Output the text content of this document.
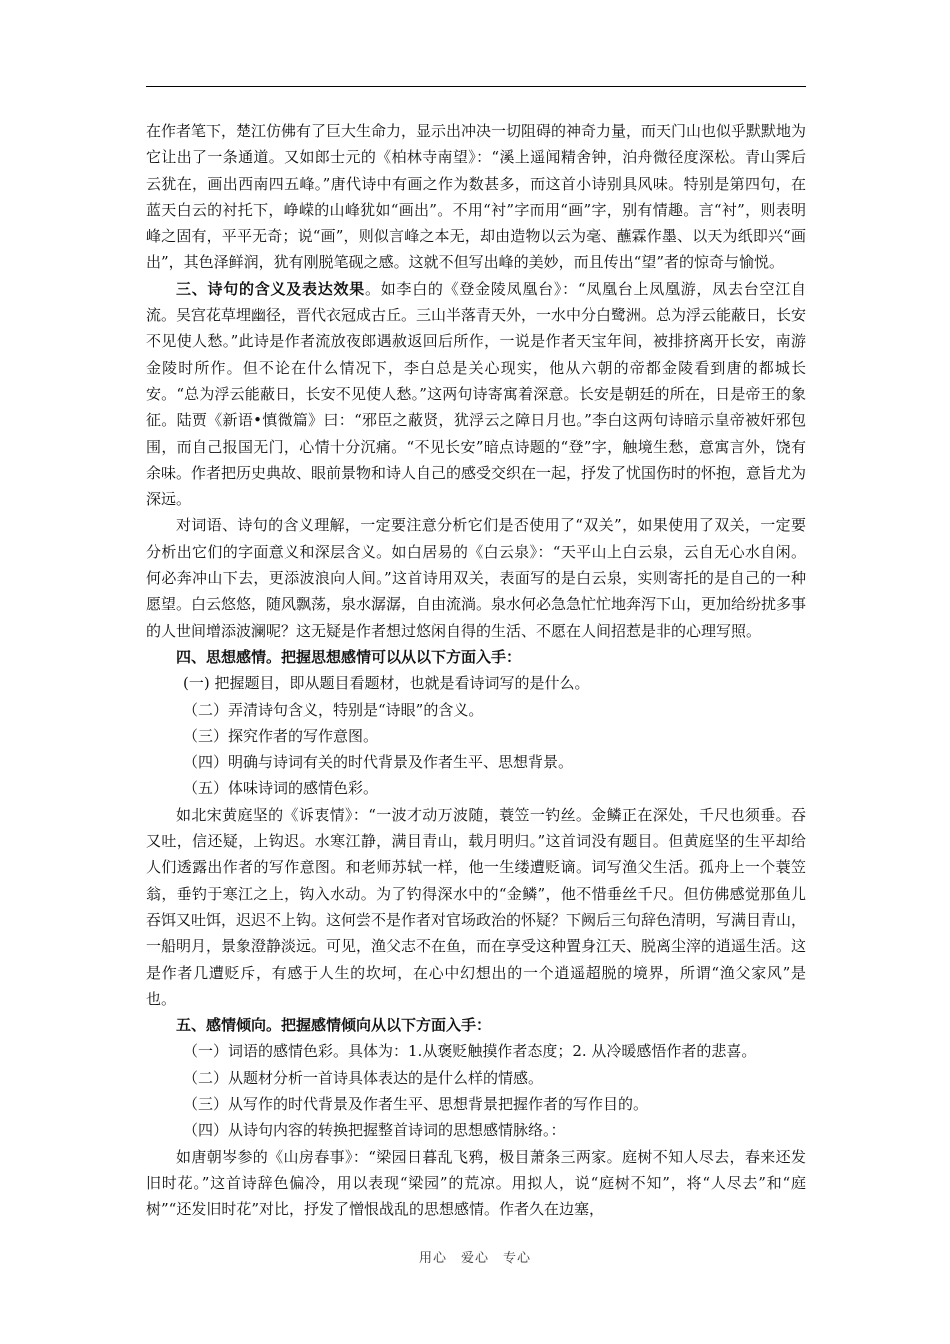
在作者笔下，楚江仿佛有了巨大生命力，显示出冲决一切阻碍的神奇力量，而天门山也似乎默默地为它让出了一条通道。又如郎士元的《柏林寺南望》：“溪上遥闻精舍钟，泊舟微径度深松。青山霁后云犹在，画出西南四五峰。”唐代诗中有画之作为数甚多，而这首小诗别具风味。特别是第四句，在蓝天白云的衬托下，峥嵘的山峰犹如“画出”。不用“衬”字而用“画”字，别有情趣。言“衬”，则表明峰之固有，平平无奇；说“画”，则似言峰之本无，却由造物以云为毫、蘸霖作墨、以天为纸即兴“画出”，其色泽鲜润，犹有刚脱笔砚之感。这就不但写出峰的美妙，而且传出“望”者的惊奇与愉悦。

三、诗句的含义及表达效果。如李白的《登金陵凤凰台》：“凤凰台上凤凰游，凤去台空江自流。吴宫花草埋幽径，晋代衣冠成古丘。三山半落青天外，一水中分白鹭洲。总为浮云能蔽日，长安不见使人愁。”此诗是作者流放夜郎遇赦返回后所作，一说是作者天宝年间，被排挤离开长安，南游金陵时所作。但不论在什么情况下，李白总是关心现实，他从六朝的帝都金陵看到唐的都城长安。“总为浮云能蔽日，长安不见使人愁。”这两句诗寄寓着深意。长安是朝廷的所在，日是帝王的象征。陆贾《新语•慎微篇》曰：“邪臣之蔽贤，犹浮云之障日月也。”李白这两句诗暗示皇帝被奸邪包围，而自己报国无门，心情十分沉痛。“不见长安”暗点诗题的“登”字，触境生愁，意寓言外，饶有余味。作者把历史典故、眼前景物和诗人自己的感受交织在一起，抒发了忧国伤时的怀抱，意旨尤为深远。

对词语、诗句的含义理解，一定要注意分析它们是否使用了“双关”，如果使用了双关，一定要分析出它们的字面意义和深层含义。如白居易的《白云泉》：“天平山上白云泉，云自无心水自闲。何必奔冲山下去，更添波浪向人间。”这首诗用双关，表面写的是白云泉，实则寄托的是自己的一种愿望。白云悠悠，随风飘荡，泉水潺潺，自由流淌。泉水何必急急忙忙地奔泻下山，更加给纷扰多事的人世间增添波澜呢？这无疑是作者想过悠闲自得的生活、不愿在人间招惹是非的心理写照。

四、思想感情。把握思想感情可以从以下方面入手：

(一) 把握题目，即从题目看题材，也就是看诗词写的是什么。

（二）弄清诗句含义，特别是“诗眼”的含义。

（三）探究作者的写作意图。

（四）明确与诗词有关的时代背景及作者生平、思想背景。

（五）体味诗词的感情色彩。

如北宋黄庭坚的《诉衷情》：“一波才动万波随，蓑笠一钓丝。金鳞正在深处，千尺也须垂。吞又吐，信还疑，上钩迟。水寒江静，满目青山，载月明归。”这首词没有题目。但黄庭坚的生平却给人们透露出作者的写作意图。和老师苏轼一样，他一生缕遭贬谪。词写渔父生活。孤舟上一个蓑笠翁，垂钓于寒江之上，钩入水动。为了钓得深水中的“金鳞”，他不惜垂丝千尺。但仿佛感觉那鱼儿吞饵又吐饵，迟迟不上钩。这何尝不是作者对官场政治的怀疑？下阙后三句辞色清明，写满目青山，一船明月，景象澄静淡远。可见，渔父志不在鱼，而在享受这种置身江天、脱离尘滓的逍遥生活。这是作者几遭贬斥，有感于人生的坎坷，在心中幻想出的一个逍遥超脱的境界，所谓“渔父家风”是也。

五、感情倾向。把握感情倾向从以下方面入手：

（一）词语的感情色彩。具体为：1.从褒贬触摸作者态度；2. 从冷暖感悟作者的悲喜。

（二）从题材分析一首诗具体表达的是什么样的情感。

（三）从写作的时代背景及作者生平、思想背景把握作者的写作目的。

（四）从诗句内容的转换把握整首诗词的思想感情脉络。：

如唐朝岑参的《山房春事》：“梁园日暮乱飞鸦，极目萧条三两家。庭树不知人尽去，春来还发旧时花。”这首诗辞色偏冷，用以表现“梁园”的荒凉。用拟人，说“庭树不知”，将“人尽去”和“庭树”“还发旧时花”对比，抒发了憎恨战乱的思想感情。作者久在边塞，

用心　爱心　专心
